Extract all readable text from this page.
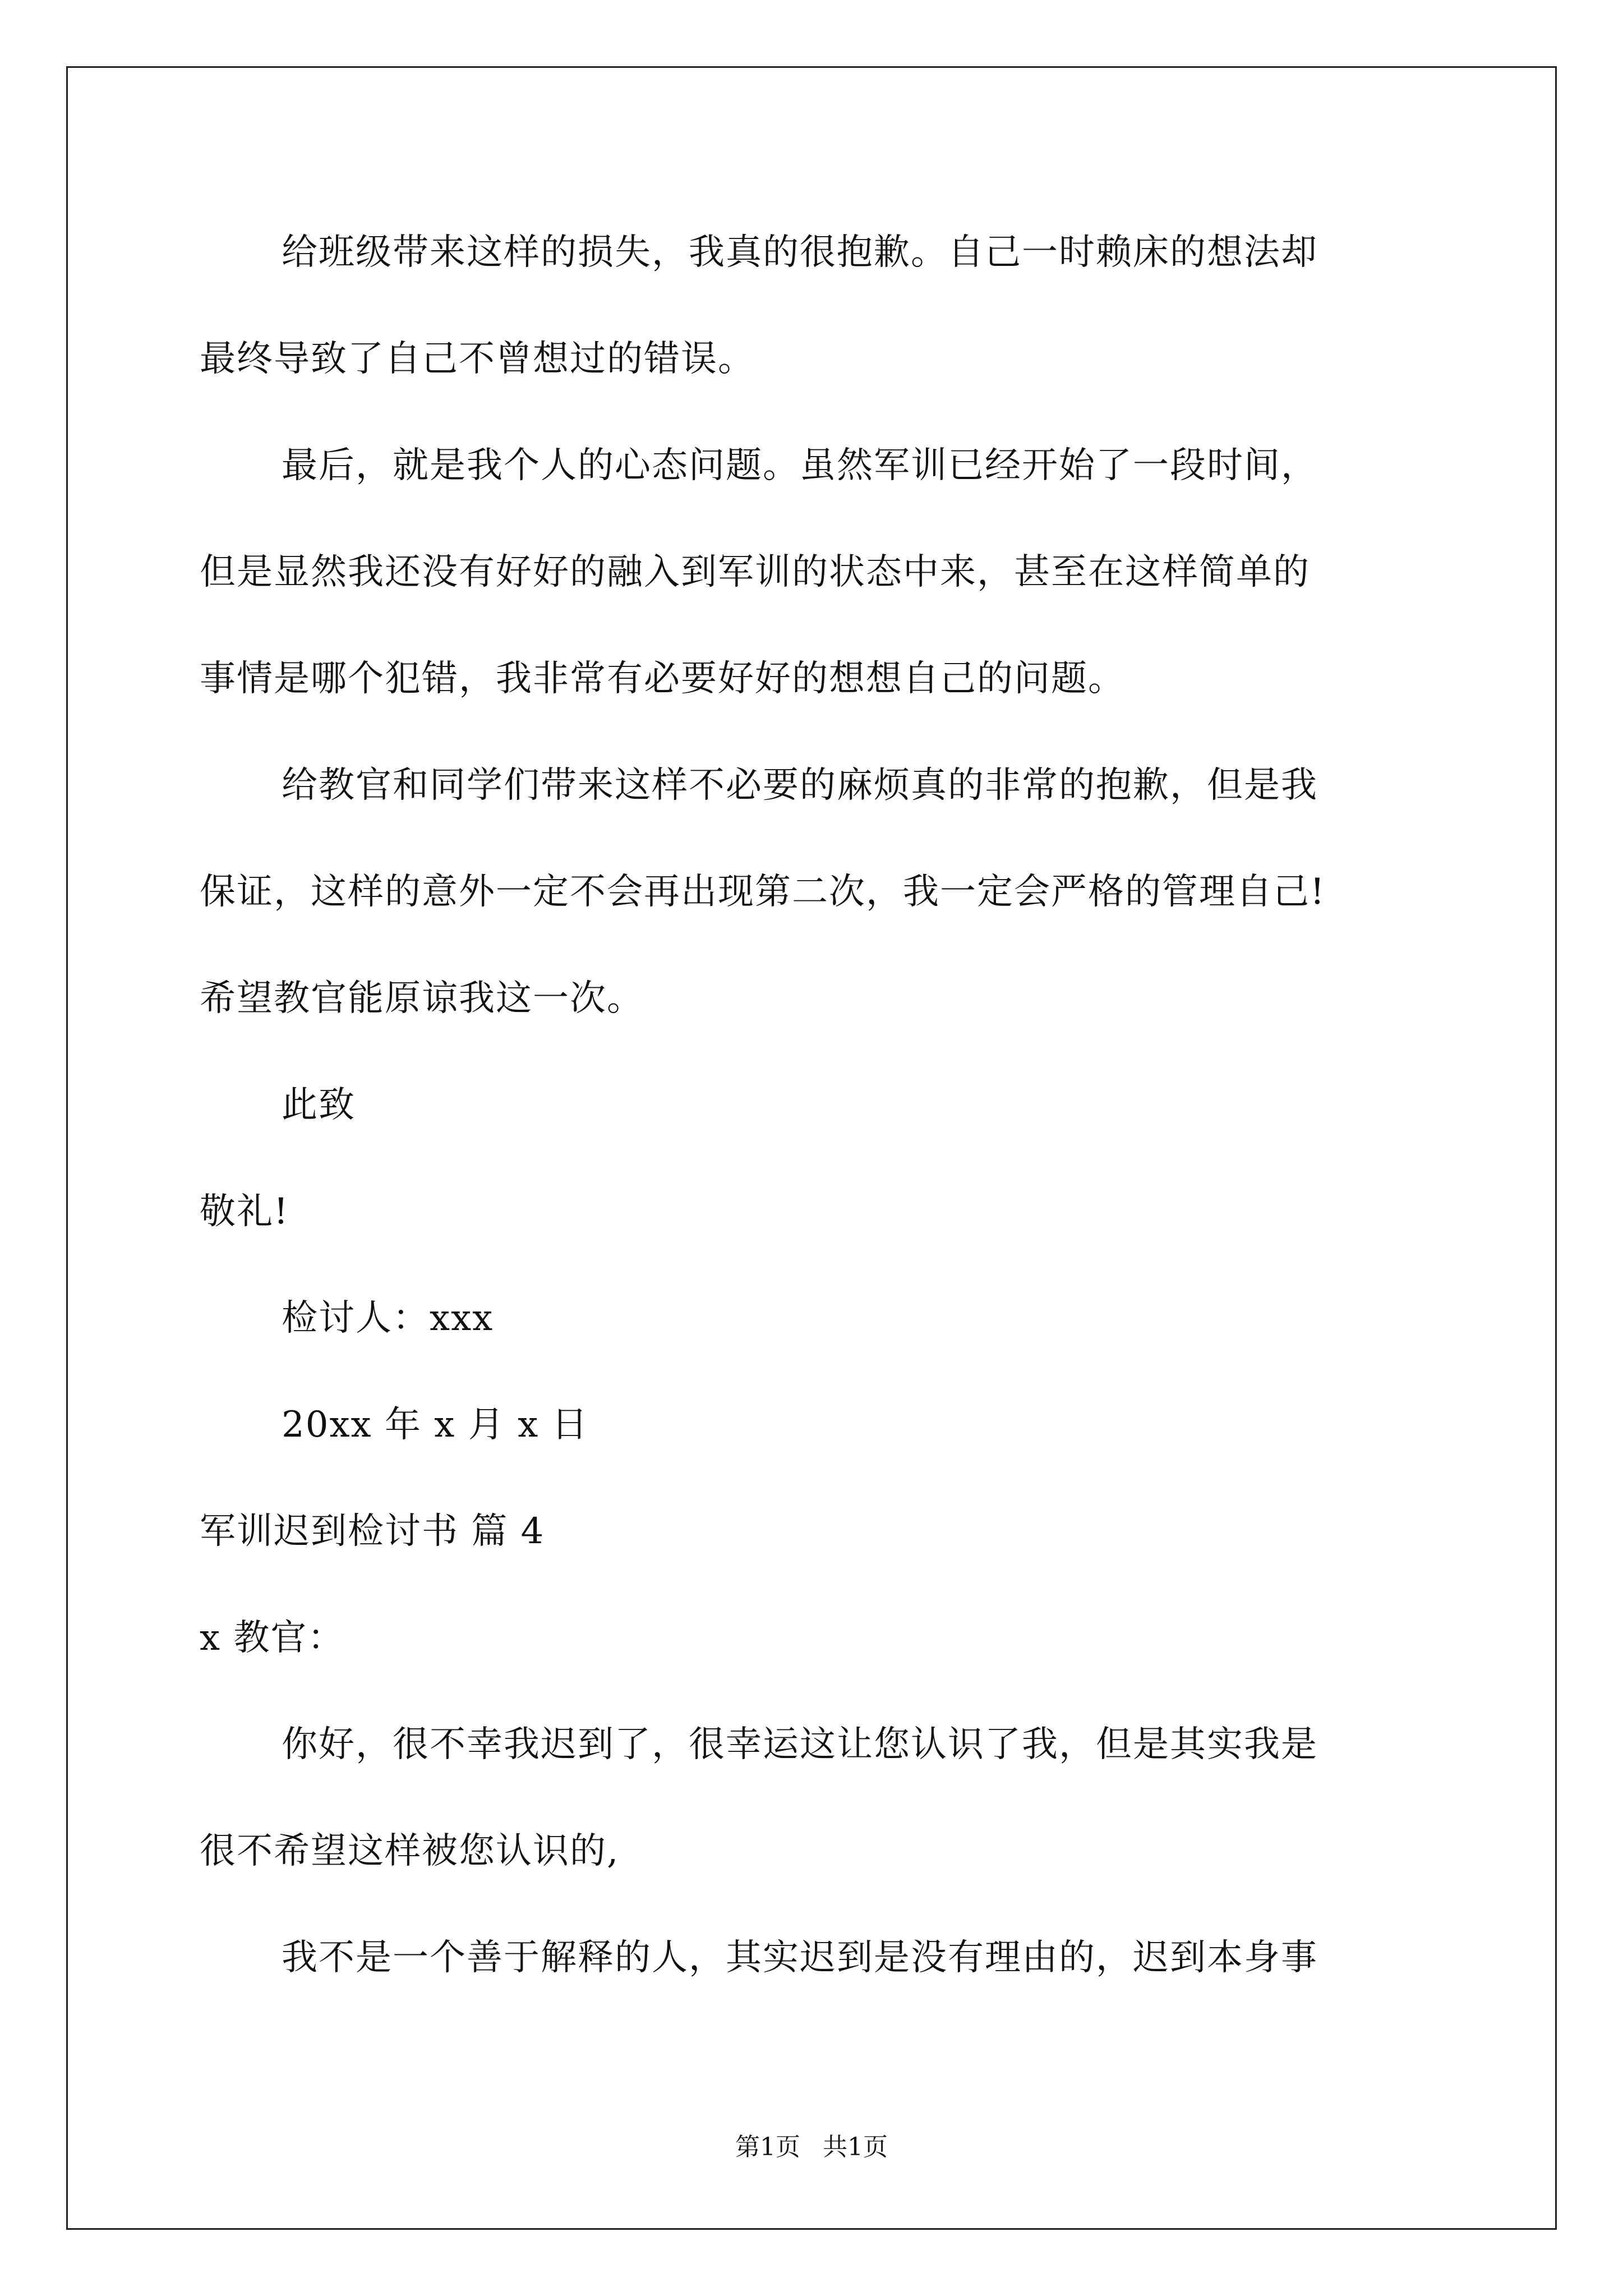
给班级带来这样的损失，我真的很抱歉。自己一时赖床的想法却
最终导致了自己不曾想过的错误。
最后，就是我个人的心态问题。虽然军训已经开始了一段时间，
但是显然我还没有好好的融入到军训的状态中来，甚至在这样简单的
事情是哪个犯错，我非常有必要好好的想想自己的问题。
给教官和同学们带来这样不必要的麻烦真的非常的抱歉，但是我
保证，这样的意外一定不会再出现第二次，我一定会严格的管理自己!
希望教官能原谅我这一次。
此致
敬礼!
检讨人：xxx
20xx 年 x 月 x 日
军训迟到检讨书 篇 4
x 教官：
你好，很不幸我迟到了，很幸运这让您认识了我，但是其实我是
很不希望这样被您认识的,
我不是一个善于解释的人，其实迟到是没有理由的，迟到本身事
第1页 共1页
